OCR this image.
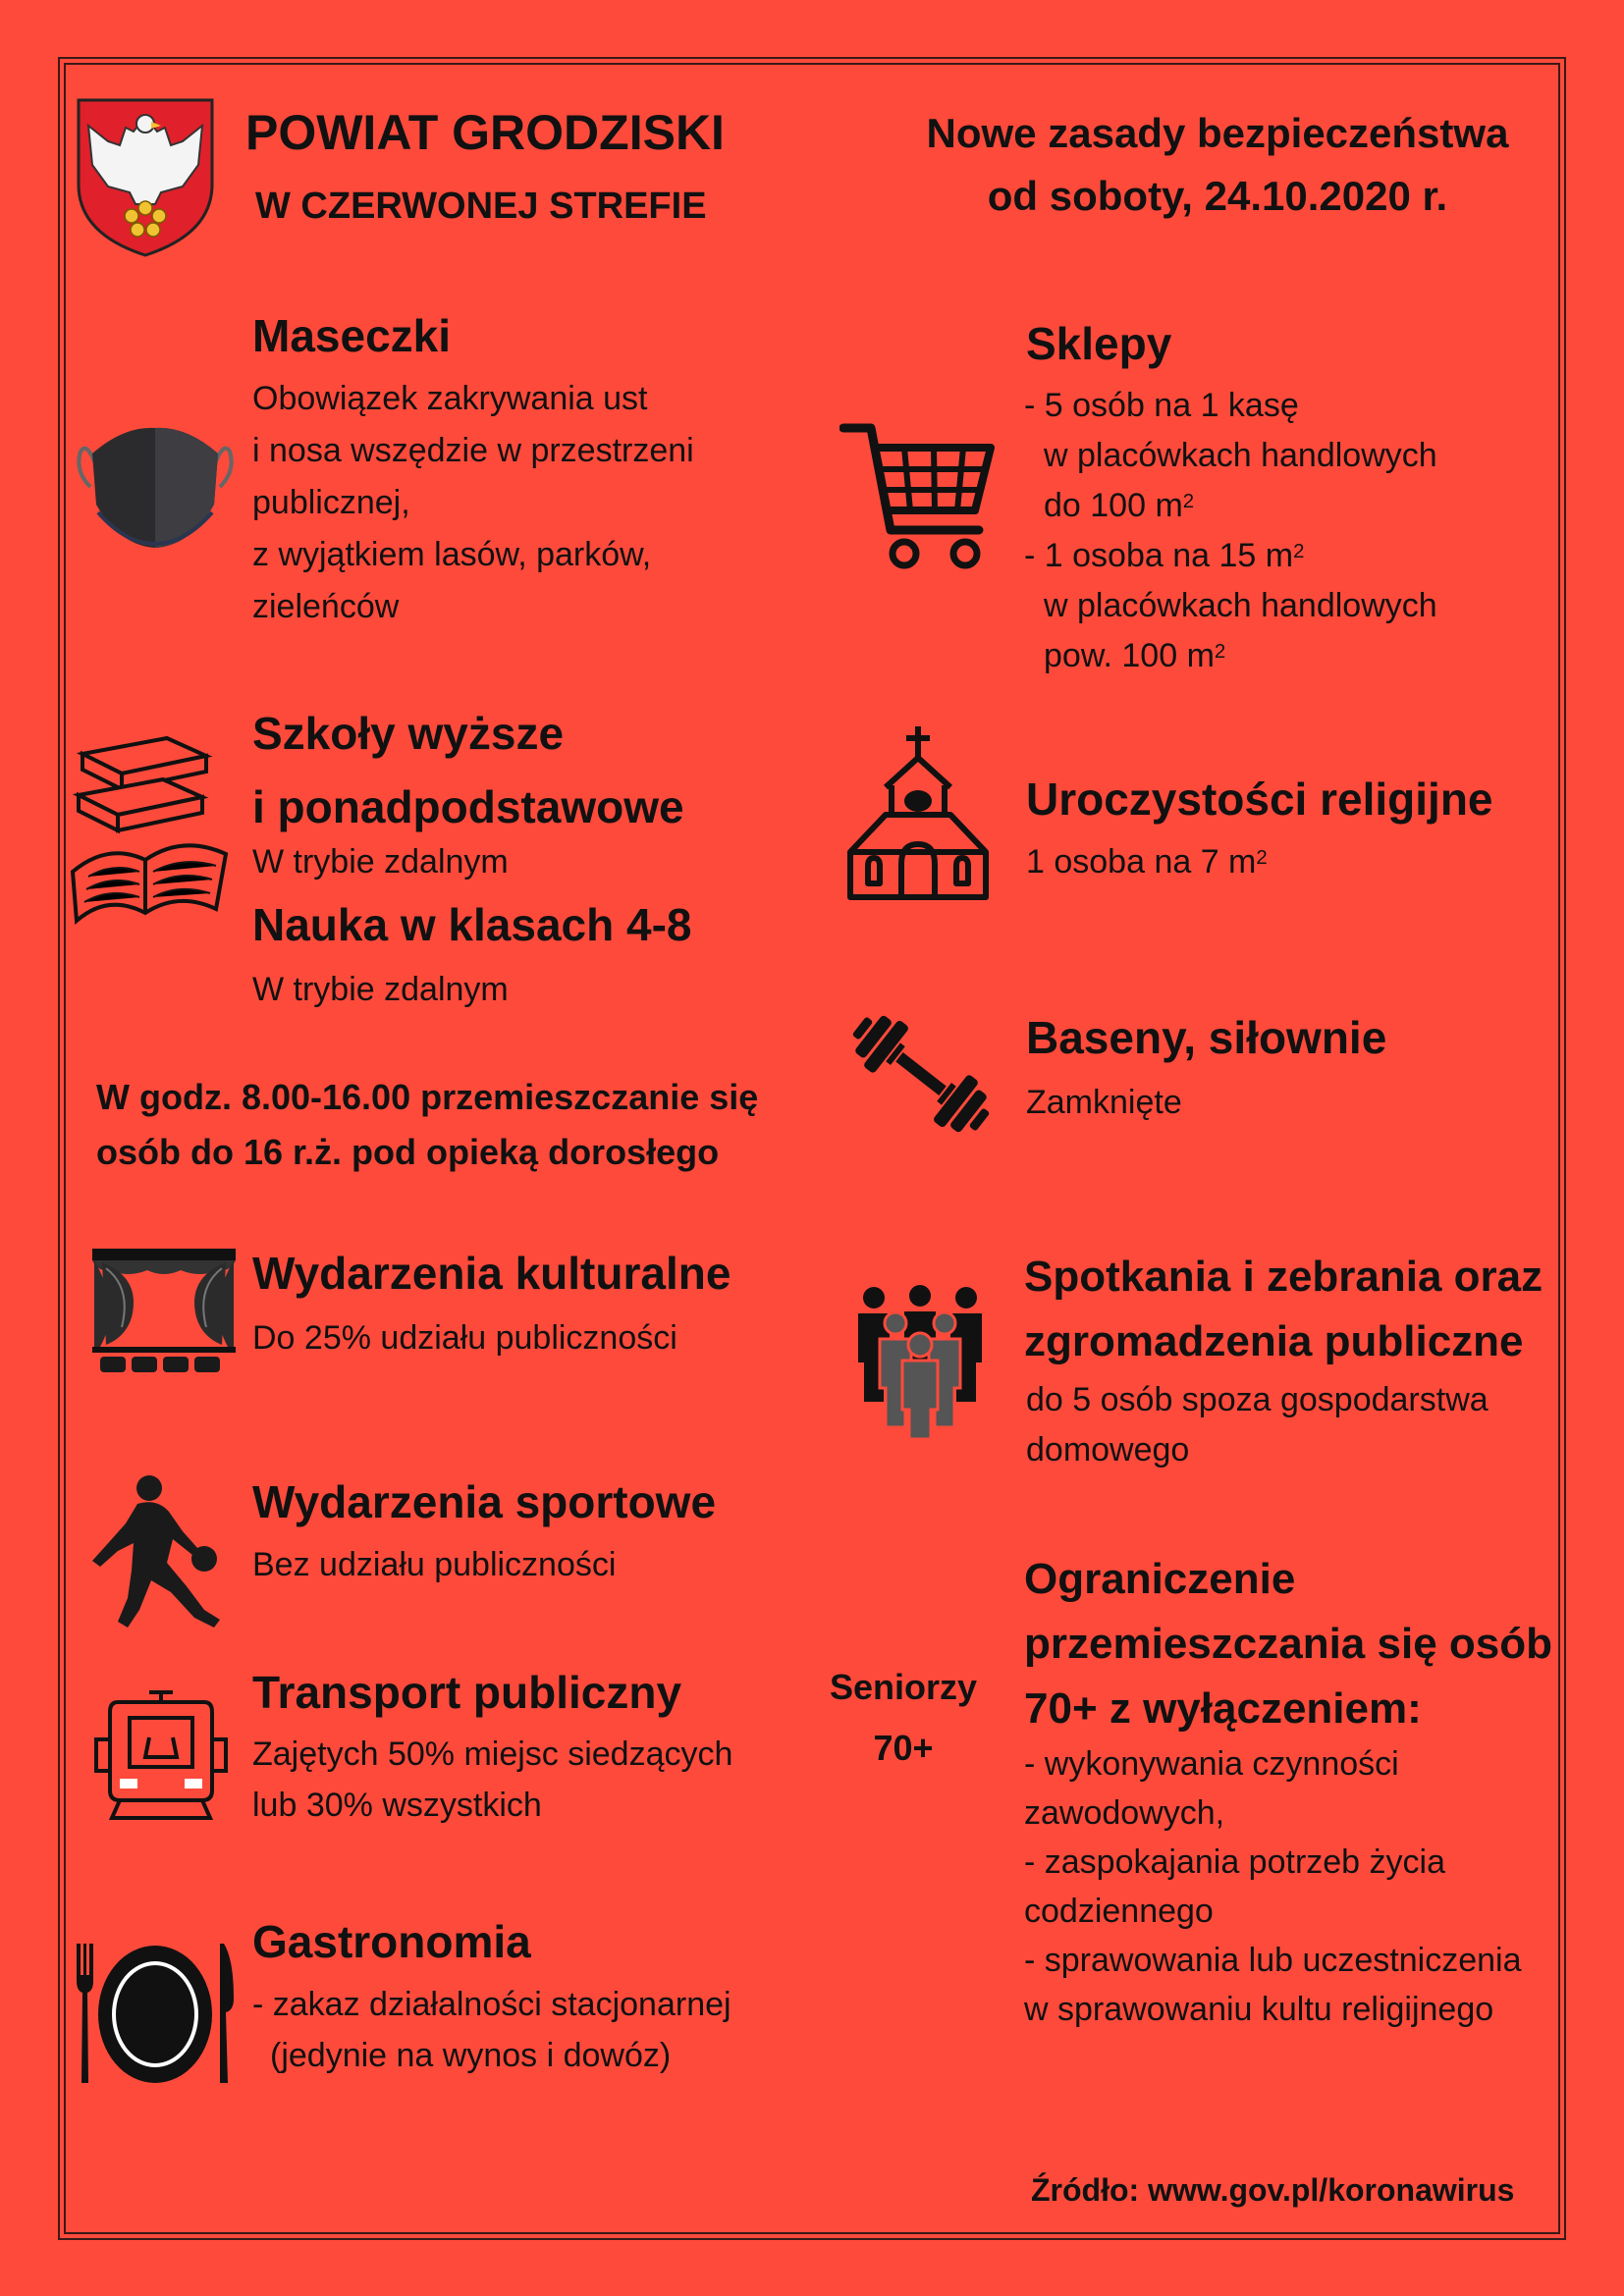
POWIAT GRODZISKI
W CZERWONEJ STREFIE
Nowe zasady bezpieczeństwa
od soboty, 24.10.2020 r.
Maseczki
Obowiązek zakrywania ust
i nosa wszędzie w przestrzeni
publicznej,
z wyjątkiem lasów, parków,
zieleńców
Sklepy
- 5 osób na 1 kasę
w placówkach handlowych
do 100 $m^2$
- 1 osoba na 15 $m^2$
w placówkach handlowych
pow. 100 $m^2$
Szkoły wyższe
i ponadpodstawowe
W trybie zdalnym
Nauka w klasach 4-8
W trybie zdalnym
Uroczystości religijne
1 osoba na 7 $m^2$
W godz. 8.00-16.00 przemieszczanie się
osób do 16 r.ż. pod opieką dorosłego
Baseny, siłownie
Zamknięte
Wydarzenia kulturalne
Do 25% udziału publiczności
Spotkania i zebrania oraz
zgromadzenia publiczne
do 5 osób spoza gospodarstwa
domowego
Wydarzenia sportowe
Bez udziału publiczności
Seniorzy
70+
Ograniczenie
przemieszczania się osób
70+ z wyłączeniem:
- wykonywania czynności
zawodowych,
- zaspokajania potrzeb życia
codziennego
- sprawowania lub uczestniczenia
w sprawowaniu kultu religijnego
Transport publiczny
Zajętych 50% miejsc siedzących
lub 30% wszystkich
Gastronomia
- zakaz działalności stacjonarnej
(jedynie na wynos i dowóz)
Źródło: www.gov.pl/koronawirus
